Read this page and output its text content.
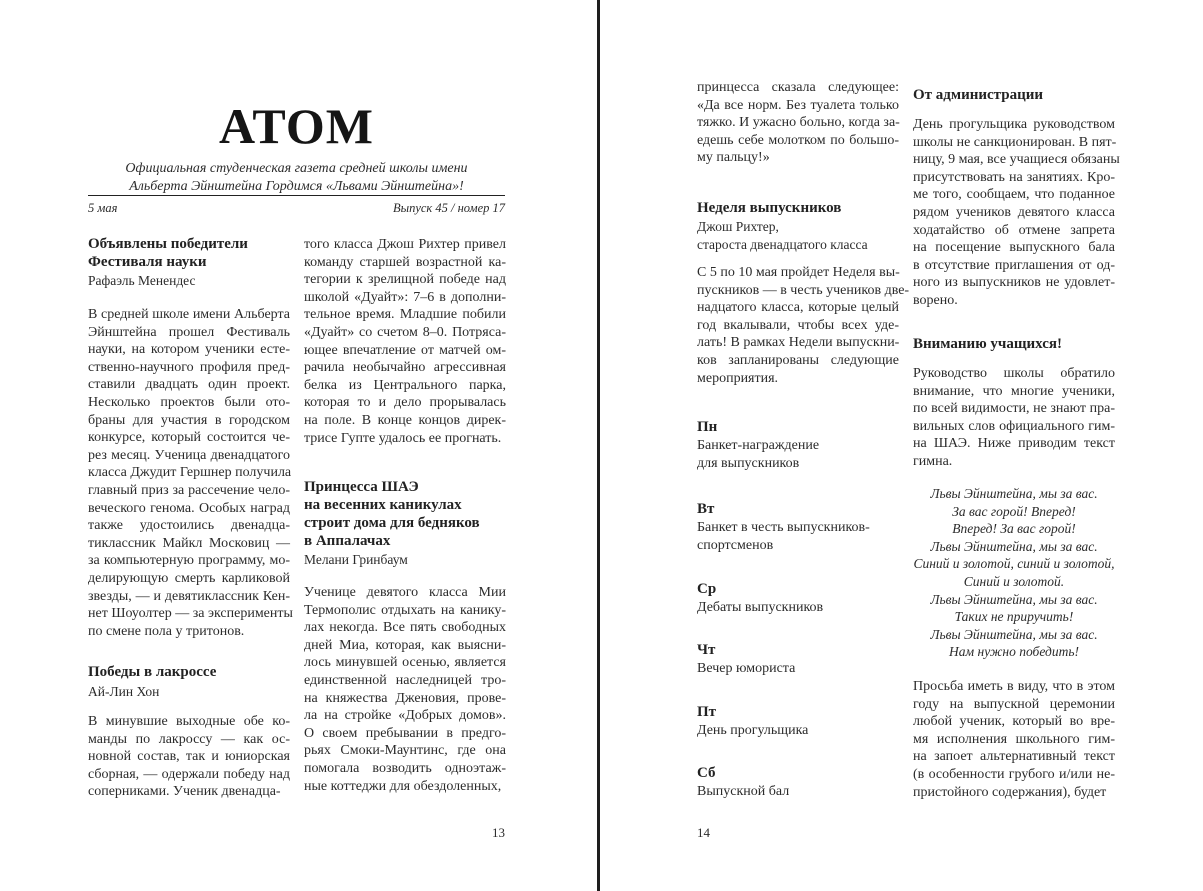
ATOM
Официальная студенческая газета средней школы имени
Альберта Эйнштейна Гордимся «Львами Эйнштейна»!
5 мая	Выпуск 45 / номер 17
Объявлены победители
Фестиваля науки
Рафаэль Менендес
В средней школе имени Альберта
Эйнштейна прошел Фестиваль
науки, на котором ученики есте-
ственно-научного профиля пред-
ставили двадцать один проект.
Несколько проектов были ото-
браны для участия в городском
конкурсе, который состоится че-
рез месяц. Ученица двенадцатого
класса Джудит Гершнер получила
главный приз за рассечение чело-
веческого генома. Особых наград
также удостоились двенадца-
тиклассник Майкл Московиц —
за компьютерную программу, мо-
делирующую смерть карликовой
звезды, — и девятиклассник Кен-
нет Шоуолтер — за эксперименты
по смене пола у тритонов.
Победы в лакроссе
Ай-Лин Хон
В минувшие выходные обе ко-
манды по лакроссу — как ос-
новной состав, так и юниорская
сборная, — одержали победу над
соперниками. Ученик двенадца-
того класса Джош Рихтер привел
команду старшей возрастной ка-
тегории к зрелищной победе над
школой «Дуайт»: 7–6 в дополни-
тельное время. Младшие побили
«Дуайт» со счетом 8–0. Потряса-
ющее впечатление от матчей ом-
рачила необычайно агрессивная
белка из Центрального парка,
которая то и дело прорывалась
на поле. В конце концов дирек-
трисе Гупте удалось ее прогнать.
Принцесса ШАЭ
на весенних каникулах
строит дома для бедняков
в Аппалачах
Мелани Гринбаум
Ученице девятого класса Мии
Термополис отдыхать на канику-
лах некогда. Все пять свободных
дней Миа, которая, как выясни-
лось минувшей осенью, является
единственной наследницей тро-
на княжества Дженовия, прове-
ла на стройке «Добрых домов».
О своем пребывании в предго-
рьях Смоки-Маунтинс, где она
помогала возводить одноэтаж-
ные коттеджи для обездоленных,
13
принцесса сказала следующее:
«Да все норм. Без туалета только
тяжко. И ужасно больно, когда за-
едешь себе молотком по большо-
му пальцу!»
Неделя выпускников
Джош Рихтер,
староста двенадцатого класса
С 5 по 10 мая пройдет Неделя вы-
пускников — в честь учеников две-
надцатого класса, которые целый
год вкалывали, чтобы всех уде-
лать! В рамках Недели выпускни-
ков запланированы следующие
мероприятия.
Пн
Банкет-награждение
для выпускников
Вт
Банкет в честь выпускников-
спортсменов
Ср
Дебаты выпускников
Чт
Вечер юмориста
Пт
День прогульщика
Сб
Выпускной бал
От администрации
День прогульщика руководством
школы не санкционирован. В пят-
ницу, 9 мая, все учащиеся обязаны
присутствовать на занятиях. Кро-
ме того, сообщаем, что поданное
рядом учеников девятого класса
ходатайство об отмене запрета
на посещение выпускного бала
в отсутствие приглашения от од-
ного из выпускников не удовлет-
ворено.
Вниманию учащихся!
Руководство школы обратило
внимание, что многие ученики,
по всей видимости, не знают пра-
вильных слов официального гим-
на ШАЭ. Ниже приводим текст
гимна.
Львы Эйнштейна, мы за вас.
За вас горой! Вперед!
Вперед! За вас горой!
Львы Эйнштейна, мы за вас.
Синий и золотой, синий и золотой,
Синий и золотой.
Львы Эйнштейна, мы за вас.
Таких не приручить!
Львы Эйнштейна, мы за вас.
Нам нужно победить!
Просьба иметь в виду, что в этом
году на выпускной церемонии
любой ученик, который во вре-
мя исполнения школьного гим-
на запоет альтернативный текст
(в особенности грубого и/или не-
пристойного содержания), будет
14
